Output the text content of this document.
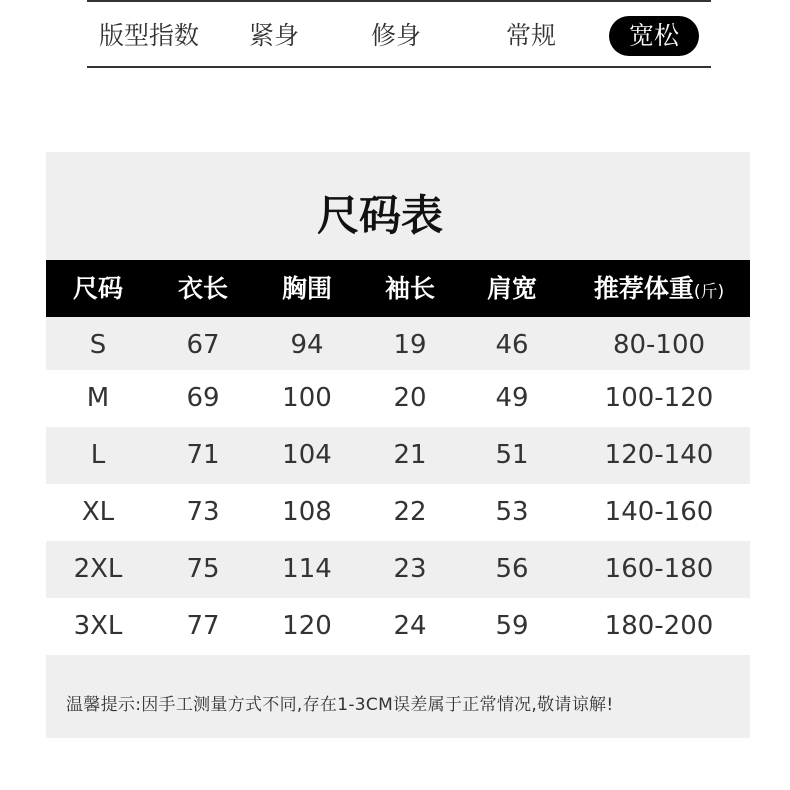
版型指数 紧身	修身	常规	宽松
尺码表
尺码	衣长	胸围	袖长	肩宽	推荐体重(斤)
S	67	94	19	46	80-100
M	69	100	20	49	100-120
L	71	104	21	51	120-140
XL	73	108	22	53	140-160
2XL	75	114	23	56	160-180
3XL	77	120	24	59	180-200
温馨提示:因手工测量方式不同,存在1-3CM误差属于正常情况,敬请谅解!
